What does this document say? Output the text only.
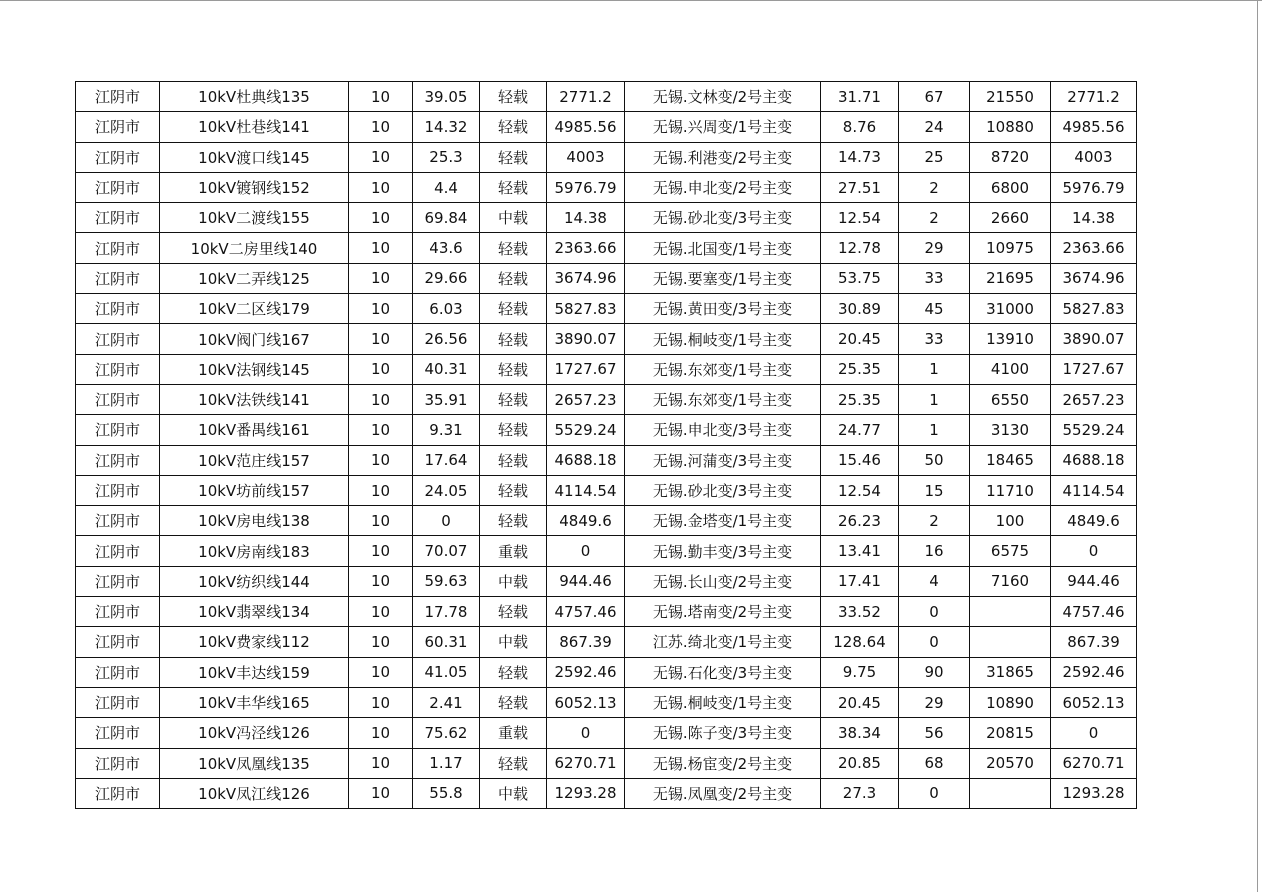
江阴市	10kV杜典线135	10	39.05	轻载	2771.2	无锡.文林变/2号主变	31.71	67	21550	2771.2
江阴市	10kV杜巷线141	10	14.32	轻载	4985.56	无锡.兴周变/1号主变	8.76	24	10880	4985.56
江阴市	10kV渡口线145	10	25.3	轻载	4003	无锡.利港变/2号主变	14.73	25	8720	4003
江阴市	10kV镀钢线152	10	4.4	轻载	5976.79	无锡.申北变/2号主变	27.51	2	6800	5976.79
江阴市	10kV二渡线155	10	69.84	中载	14.38	无锡.砂北变/3号主变	12.54	2	2660	14.38
江阴市	10kV二房里线140	10	43.6	轻载	2363.66	无锡.北国变/1号主变	12.78	29	10975	2363.66
江阴市	10kV二弄线125	10	29.66	轻载	3674.96	无锡.要塞变/1号主变	53.75	33	21695	3674.96
江阴市	10kV二区线179	10	6.03	轻载	5827.83	无锡.黄田变/3号主变	30.89	45	31000	5827.83
江阴市	10kV阀门线167	10	26.56	轻载	3890.07	无锡.桐岐变/1号主变	20.45	33	13910	3890.07
江阴市	10kV法钢线145	10	40.31	轻载	1727.67	无锡.东郊变/1号主变	25.35	1	4100	1727.67
江阴市	10kV法铁线141	10	35.91	轻载	2657.23	无锡.东郊变/1号主变	25.35	1	6550	2657.23
江阴市	10kV番禺线161	10	9.31	轻载	5529.24	无锡.申北变/3号主变	24.77	1	3130	5529.24
江阴市	10kV范庄线157	10	17.64	轻载	4688.18	无锡.河蒲变/3号主变	15.46	50	18465	4688.18
江阴市	10kV坊前线157	10	24.05	轻载	4114.54	无锡.砂北变/3号主变	12.54	15	11710	4114.54
江阴市	10kV房电线138	10	0	轻载	4849.6	无锡.金塔变/1号主变	26.23	2	100	4849.6
江阴市	10kV房南线183	10	70.07	重载	0	无锡.勤丰变/3号主变	13.41	16	6575	0
江阴市	10kV纺织线144	10	59.63	中载	944.46	无锡.长山变/2号主变	17.41	4	7160	944.46
江阴市	10kV翡翠线134	10	17.78	轻载	4757.46	无锡.塔南变/2号主变	33.52	0		4757.46
江阴市	10kV费家线112	10	60.31	中载	867.39	江苏.绮北变/1号主变	128.64	0		867.39
江阴市	10kV丰达线159	10	41.05	轻载	2592.46	无锡.石化变/3号主变	9.75	90	31865	2592.46
江阴市	10kV丰华线165	10	2.41	轻载	6052.13	无锡.桐岐变/1号主变	20.45	29	10890	6052.13
江阴市	10kV冯泾线126	10	75.62	重载	0	无锡.陈子变/3号主变	38.34	56	20815	0
江阴市	10kV凤凰线135	10	1.17	轻载	6270.71	无锡.杨宦变/2号主变	20.85	68	20570	6270.71
江阴市	10kV凤江线126	10	55.8	中载	1293.28	无锡.凤凰变/2号主变	27.3	0		1293.28
